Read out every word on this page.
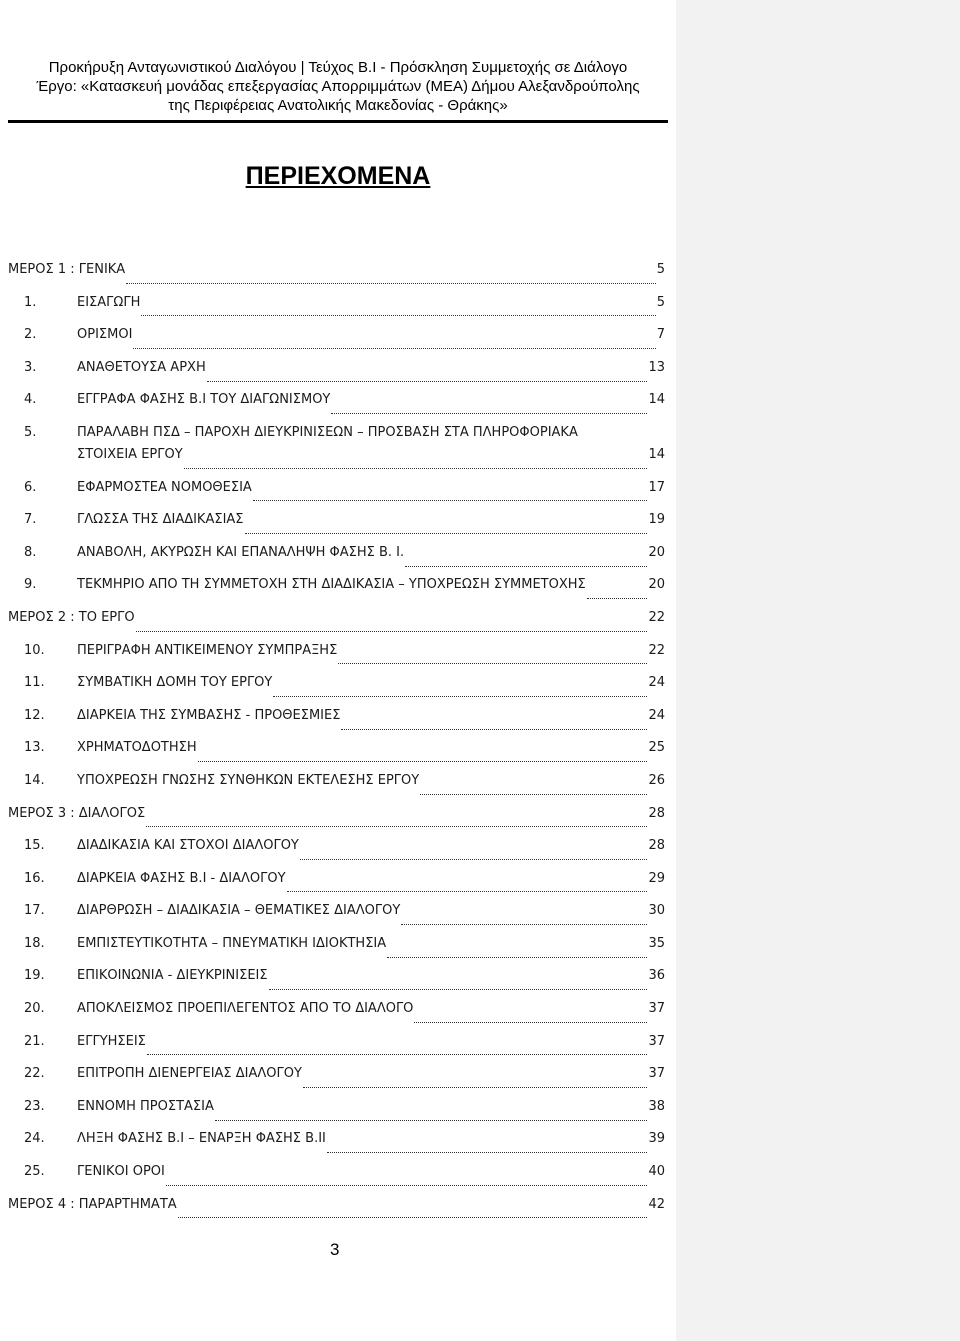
Προκήρυξη Ανταγωνιστικού Διαλόγου | Τεύχος Β.Ι - Πρόσκληση Συμμετοχής σε Διάλογο
Έργο: «Κατασκευή μονάδας επεξεργασίας Απορριμμάτων (ΜΕΑ) Δήμου Αλεξανδρούπολης
της Περιφέρειας Ανατολικής Μακεδονίας - Θράκης»
ΠΕΡΙΕΧΟΜΕΝΑ
ΜΕΡΟΣ 1 : ΓΕΝΙΚΑ	5
1.	ΕΙΣΑΓΩΓΗ	5
2.	ΟΡΙΣΜΟΙ	7
3.	ΑΝΑΘΕΤΟΥΣΑ ΑΡΧΗ	13
4.	ΕΓΓΡΑΦΑ ΦΑΣΗΣ Β.Ι ΤΟΥ ΔΙΑΓΩΝΙΣΜΟΥ	14
5.	ΠΑΡΑΛΑΒΗ ΠΣΔ – ΠΑΡΟΧΗ ΔΙΕΥΚΡΙΝΙΣΕΩΝ – ΠΡΟΣΒΑΣΗ ΣΤΑ ΠΛΗΡΟΦΟΡΙΑΚΑ
ΣΤΟΙΧΕΙΑ ΕΡΓΟΥ	14
6.	ΕΦΑΡΜΟΣΤΕΑ ΝΟΜΟΘΕΣΙΑ	17
7.	ΓΛΩΣΣΑ ΤΗΣ ΔΙΑΔΙΚΑΣΙΑΣ	19
8.	ΑΝΑΒΟΛΗ, ΑΚΥΡΩΣΗ ΚΑΙ ΕΠΑΝΑΛΗΨΗ ΦΑΣΗΣ Β. Ι.	20
9.	ΤΕΚΜΗΡΙΟ ΑΠΟ ΤΗ ΣΥΜΜΕΤΟΧΗ ΣΤΗ ΔΙΑΔΙΚΑΣΙΑ – ΥΠΟΧΡΕΩΣΗ ΣΥΜΜΕΤΟΧΗΣ	20
ΜΕΡΟΣ 2 : ΤΟ ΕΡΓΟ	22
10.	ΠΕΡΙΓΡΑΦΗ ΑΝΤΙΚΕΙΜΕΝΟΥ ΣΥΜΠΡΑΞΗΣ	22
11.	ΣΥΜΒΑΤΙΚΗ ΔΟΜΗ ΤΟΥ ΕΡΓΟΥ	24
12.	ΔΙΑΡΚΕΙΑ ΤΗΣ ΣΥΜΒΑΣΗΣ - ΠΡΟΘΕΣΜΙΕΣ	24
13.	ΧΡΗΜΑΤΟΔΟΤΗΣΗ	25
14.	ΥΠΟΧΡΕΩΣΗ ΓΝΩΣΗΣ ΣΥΝΘΗΚΩΝ ΕΚΤΕΛΕΣΗΣ ΕΡΓΟΥ	26
ΜΕΡΟΣ 3 : ΔΙΑΛΟΓΟΣ	28
15.	ΔΙΑΔΙΚΑΣΙΑ ΚΑΙ ΣΤΟΧΟΙ ΔΙΑΛΟΓΟΥ	28
16.	ΔΙΑΡΚΕΙΑ ΦΑΣΗΣ Β.Ι - ΔΙΑΛΟΓΟΥ	29
17.	ΔΙΑΡΘΡΩΣΗ – ΔΙΑΔΙΚΑΣΙΑ – ΘΕΜΑΤΙΚΕΣ ΔΙΑΛΟΓΟΥ	30
18.	ΕΜΠΙΣΤΕΥΤΙΚΟΤΗΤΑ – ΠΝΕΥΜΑΤΙΚΗ ΙΔΙΟΚΤΗΣΙΑ	35
19.	ΕΠΙΚΟΙΝΩΝΙΑ - ΔΙΕΥΚΡΙΝΙΣΕΙΣ	36
20.	ΑΠΟΚΛΕΙΣΜΟΣ ΠΡΟΕΠΙΛΕΓΕΝΤΟΣ ΑΠΟ ΤΟ ΔΙΑΛΟΓΟ	37
21.	ΕΓΓΥΗΣΕΙΣ	37
22.	ΕΠΙΤΡΟΠΗ ΔΙΕΝΕΡΓΕΙΑΣ ΔΙΑΛΟΓΟΥ	37
23.	ΕΝΝΟΜΗ ΠΡΟΣΤΑΣΙΑ	38
24.	ΛΗΞΗ ΦΑΣΗΣ Β.Ι – ΕΝΑΡΞΗ ΦΑΣΗΣ Β.ΙΙ	39
25.	ΓΕΝΙΚΟΙ ΟΡΟΙ	40
ΜΕΡΟΣ 4 : ΠΑΡΑΡΤΗΜΑΤΑ	42
3
